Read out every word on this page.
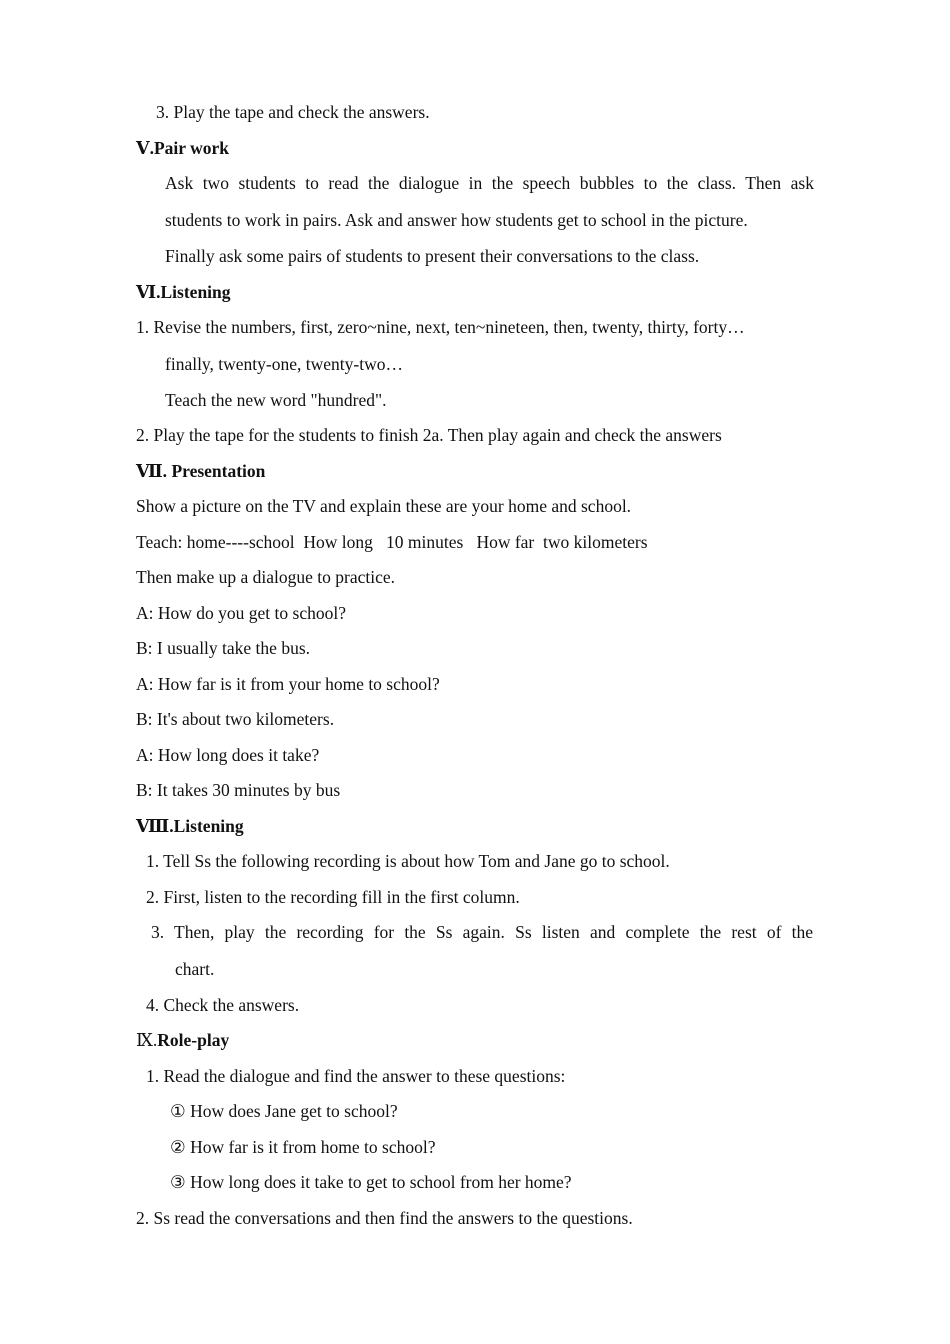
3. Play the tape and check the answers.
Ⅴ.Pair work
Ask two students to read the dialogue in the speech bubbles to the class. Then ask
students to work in pairs. Ask and answer how students get to school in the picture.
Finally ask some pairs of students to present their conversations to the class.
Ⅵ.Listening
1. Revise the numbers, first, zero~nine, next, ten~nineteen, then, twenty, thirty, forty…
finally, twenty-one, twenty-two…
Teach the new word "hundred".
2. Play the tape for the students to finish 2a. Then play again and check the answers
Ⅶ. Presentation
Show a picture on the TV and explain these are your home and school.
Teach: home----school  How long   10 minutes   How far  two kilometers
Then make up a dialogue to practice.
A: How do you get to school?
B: I usually take the bus.
A: How far is it from your home to school?
B: It's about two kilometers.
A: How long does it take?
B: It takes 30 minutes by bus
Ⅷ.Listening
1. Tell Ss the following recording is about how Tom and Jane go to school.
2. First, listen to the recording fill in the first column.
3. Then, play the recording for the Ss again. Ss listen and complete the rest of the
chart.
4. Check the answers.
Ⅸ.Role-play
1. Read the dialogue and find the answer to these questions:
① How does Jane get to school?
② How far is it from home to school?
③ How long does it take to get to school from her home?
2. Ss read the conversations and then find the answers to the questions.
